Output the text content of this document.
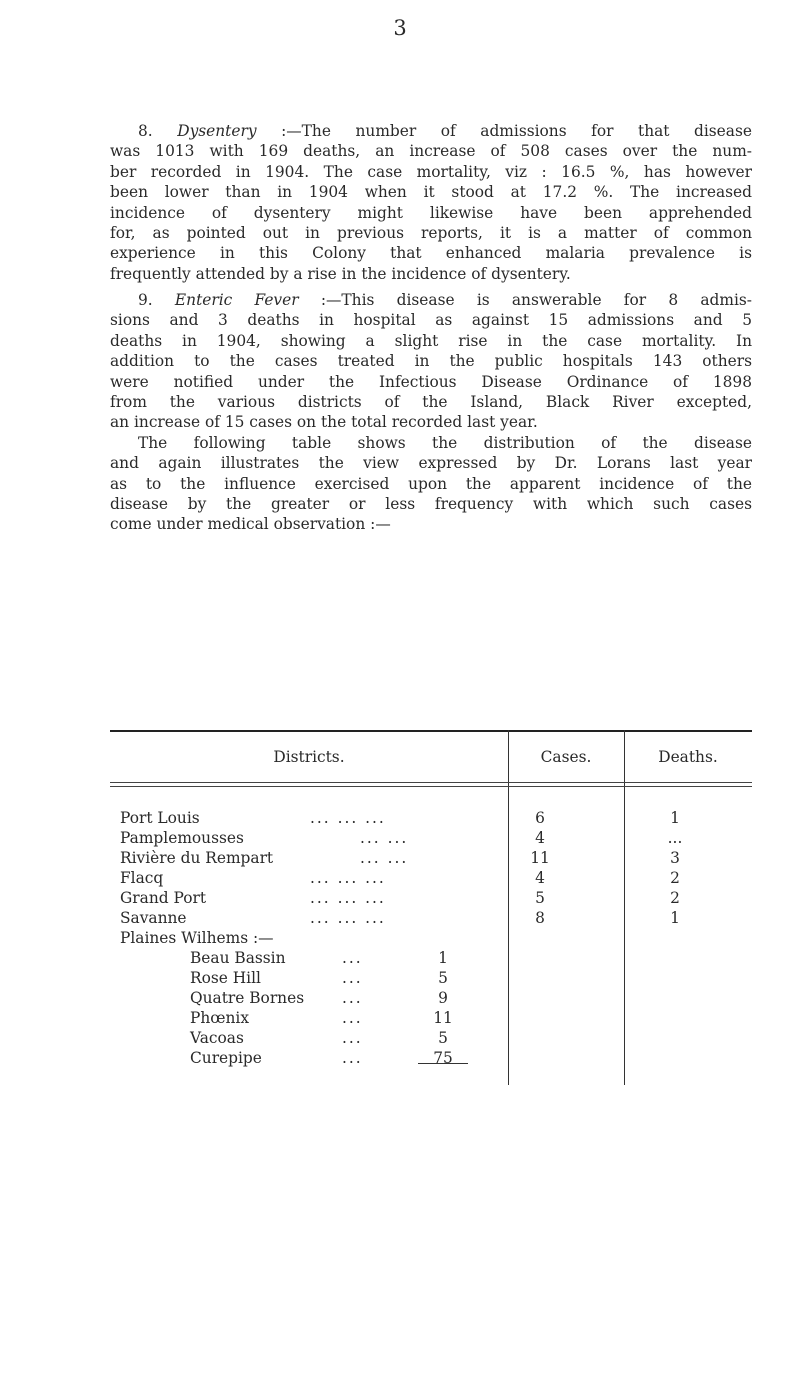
3
8. Dysentery :—The number of admissions for that disease
was 1013 with 169 deaths, an increase of 508 cases over the num-
ber recorded in 1904. The case mortality, viz : 16.5 %, has however
been lower than in 1904 when it stood at 17.2 %. The increased
incidence of dysentery might likewise have been apprehended
for, as pointed out in previous reports, it is a matter of common
experience in this Colony that enhanced malaria prevalence is
frequently attended by a rise in the incidence of dysentery.
9. Enteric Fever :—This disease is answerable for 8 admis-
sions and 3 deaths in hospital as against 15 admissions and 5
deaths in 1904, showing a slight rise in the case mortality. In
addition to the cases treated in the public hospitals 143 others
were notified under the Infectious Disease Ordinance of 1898
from the various districts of the Island, Black River excepted,
an increase of 15 cases on the total recorded last year.
The following table shows the distribution of the disease
and again illustrates the view expressed by Dr. Lorans last year
as to the influence exercised upon the apparent incidence of the
disease by the greater or less frequency with which such cases
come under medical observation :—
Districts.	Cases.	Deaths.
Port Louis	... ... ...	6	1
Pamplemousses	... ...	4	...
Rivière du Rempart	... ...	11	3
Flacq	... ... ...	4	2
Grand Port	... ... ...	5	2
Savanne	... ... ...	8	1
Plaines Wilhems :—
Beau Bassin	...	1
Rose Hill	...	5
Quatre Bornes ...	9
Phœnix	...	11
Vacoas	...	5
Curepipe	...	75
